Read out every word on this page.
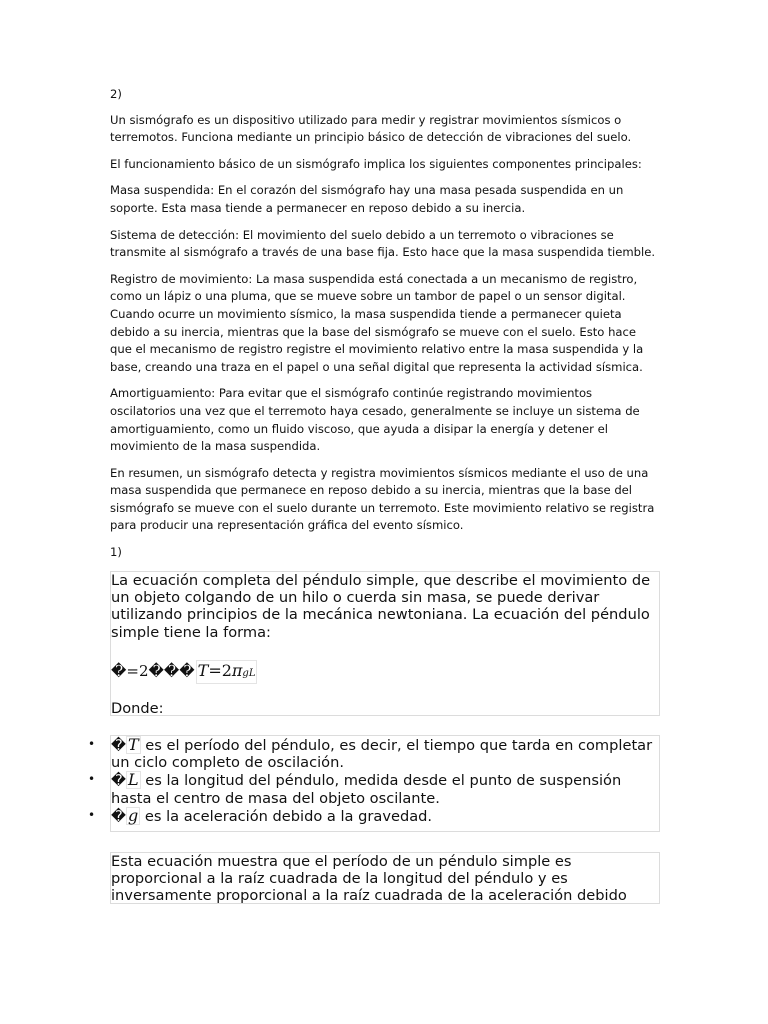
2)

Un sismógrafo es un dispositivo utilizado para medir y registrar movimientos sísmicos o terremotos. Funciona mediante un principio básico de detección de vibraciones del suelo.

El funcionamiento básico de un sismógrafo implica los siguientes componentes principales:

Masa suspendida: En el corazón del sismógrafo hay una masa pesada suspendida en un soporte. Esta masa tiende a permanecer en reposo debido a su inercia.

Sistema de detección: El movimiento del suelo debido a un terremoto o vibraciones se transmite al sismógrafo a través de una base fija. Esto hace que la masa suspendida tiemble.

Registro de movimiento: La masa suspendida está conectada a un mecanismo de registro, como un lápiz o una pluma, que se mueve sobre un tambor de papel o un sensor digital. Cuando ocurre un movimiento sísmico, la masa suspendida tiende a permanecer quieta debido a su inercia, mientras que la base del sismógrafo se mueve con el suelo. Esto hace que el mecanismo de registro registre el movimiento relativo entre la masa suspendida y la base, creando una traza en el papel o una señal digital que representa la actividad sísmica.

Amortiguamiento: Para evitar que el sismógrafo continúe registrando movimientos oscilatorios una vez que el terremoto haya cesado, generalmente se incluye un sistema de amortiguamiento, como un fluido viscoso, que ayuda a disipar la energía y detener el movimiento de la masa suspendida.

En resumen, un sismógrafo detecta y registra movimientos sísmicos mediante el uso de una masa suspendida que permanece en reposo debido a su inercia, mientras que la base del sismógrafo se mueve con el suelo durante un terremoto. Este movimiento relativo se registra para producir una representación gráfica del evento sísmico.

1)

La ecuación completa del péndulo simple, que describe el movimiento de un objeto colgando de un hilo o cuerda sin masa, se puede derivar utilizando principios de la mecánica newtoniana. La ecuación del péndulo simple tiene la forma:

�=2��� T=2πgL

Donde:

• � T es el período del péndulo, es decir, el tiempo que tarda en completar un ciclo completo de oscilación.
• � L es la longitud del péndulo, medida desde el punto de suspensión hasta el centro de masa del objeto oscilante.
• � g es la aceleración debido a la gravedad.

Esta ecuación muestra que el período de un péndulo simple es proporcional a la raíz cuadrada de la longitud del péndulo y es inversamente proporcional a la raíz cuadrada de la aceleración debido
